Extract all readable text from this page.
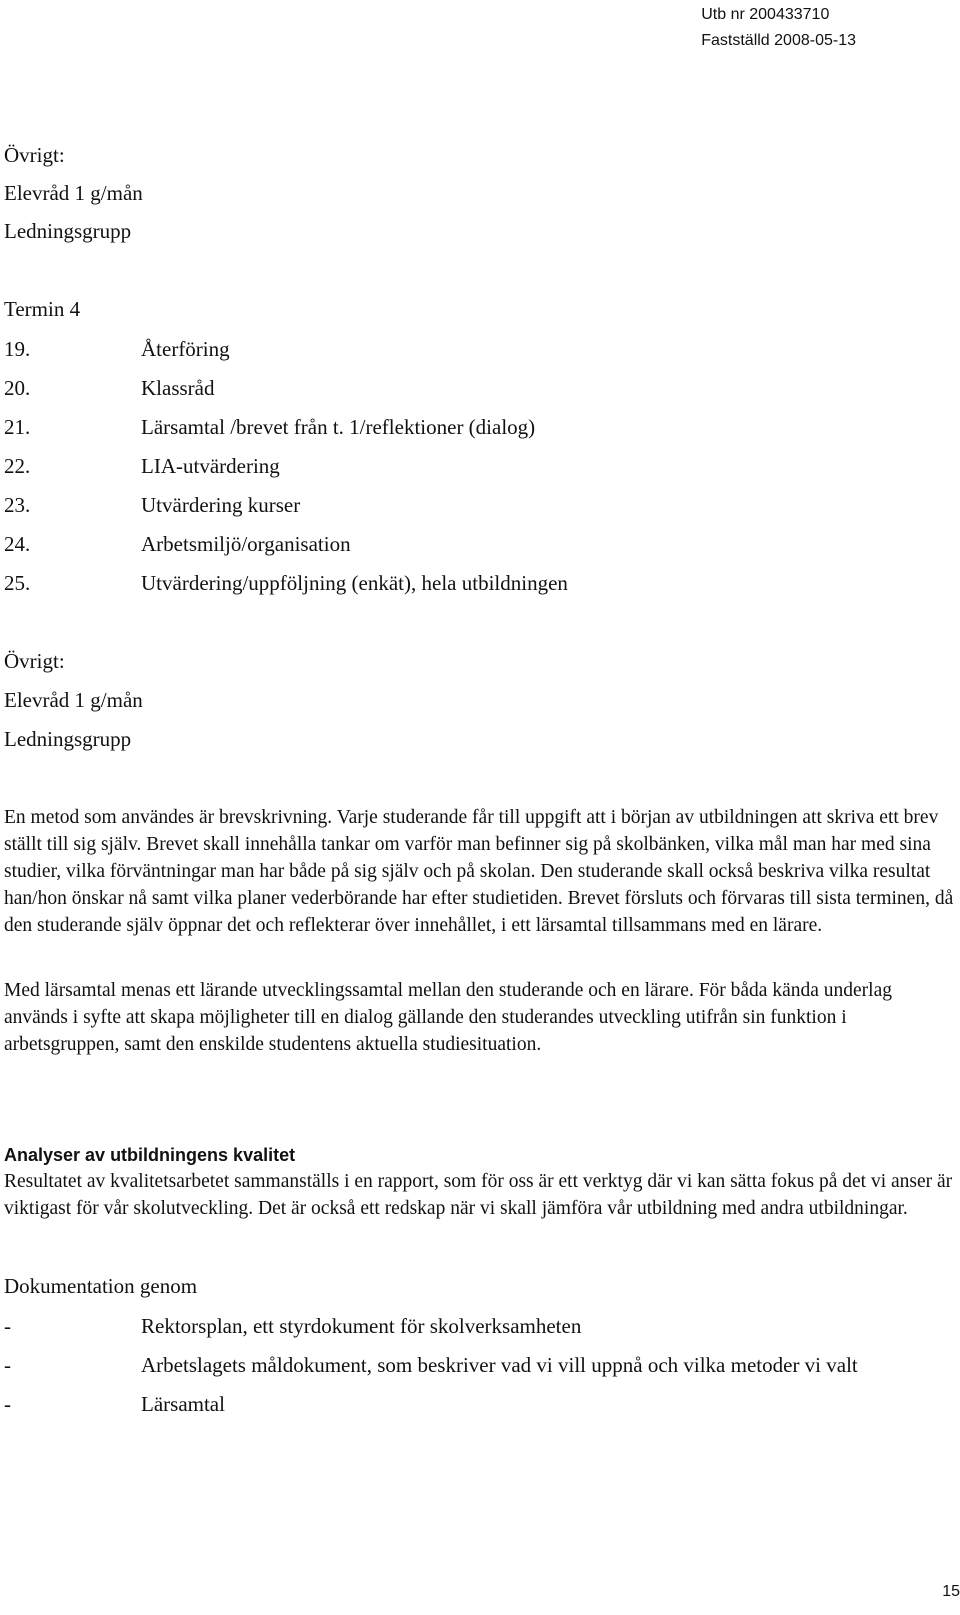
Utb nr 200433710
Fastställd 2008-05-13
Övrigt:
Elevråd 1 g/mån
Ledningsgrupp
Termin 4
19.	Återföring
20.	Klassråd
21.	Lärsamtal /brevet från t. 1/reflektioner (dialog)
22.	LIA-utvärdering
23.	Utvärdering kurser
24.	Arbetsmiljö/organisation
25.	Utvärdering/uppföljning (enkät), hela utbildningen
Övrigt:
Elevråd 1 g/mån
Ledningsgrupp

En metod som användes är brevskrivning. Varje studerande får till uppgift att i början av utbildningen att skriva ett brev ställt till sig själv. Brevet skall innehålla tankar om varför man befinner sig på skolbänken, vilka mål man har med sina studier, vilka förväntningar man har både på sig själv och på skolan. Den studerande skall också beskriva vilka resultat han/hon önskar nå samt vilka planer vederbörande har efter studietiden. Brevet försluts och förvaras till sista terminen, då den studerande själv öppnar det och reflekterar över innehållet, i ett lärsamtal tillsammans med en lärare.

Med lärsamtal menas ett lärande utvecklingssamtal mellan den studerande och en lärare. För båda kända underlag används i syfte att skapa möjligheter till en dialog gällande den studerandes utveckling utifrån sin funktion i arbetsgruppen, samt den enskilde studentens aktuella studiesituation.

Analyser av utbildningens kvalitet

Resultatet av kvalitetsarbetet sammanställs i en rapport, som för oss är ett verktyg där vi kan sätta fokus på det vi anser är viktigast för vår skolutveckling. Det är också ett redskap när vi skall jämföra vår utbildning med andra utbildningar.

Dokumentation genom
-	Rektorsplan, ett styrdokument för skolverksamheten
-	Arbetslagets måldokument, som beskriver vad vi vill uppnå och vilka metoder vi valt
-	Lärsamtal
15
